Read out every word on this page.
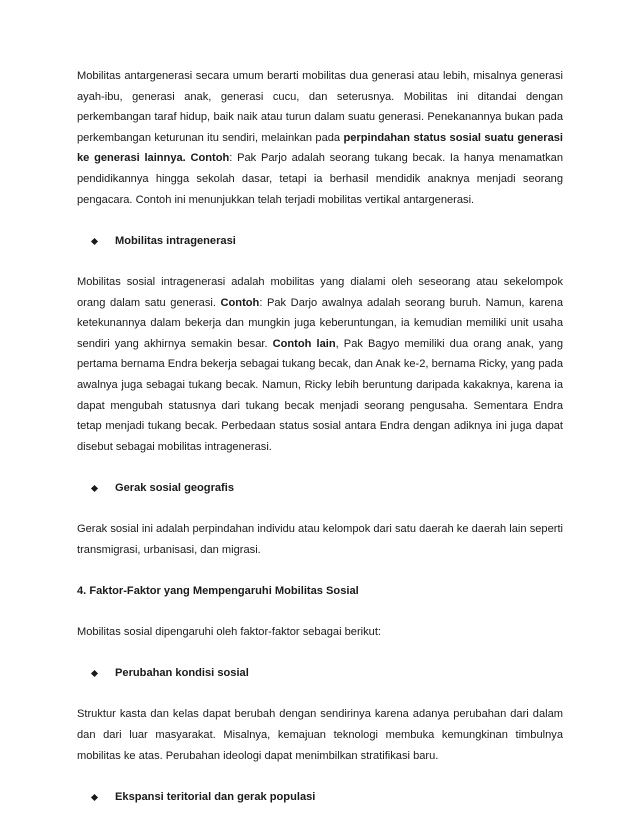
Mobilitas antargenerasi secara umum berarti mobilitas dua generasi atau lebih, misalnya generasi ayah-ibu, generasi anak, generasi cucu, dan seterusnya. Mobilitas ini ditandai dengan perkembangan taraf hidup, baik naik atau turun dalam suatu generasi. Penekanannya bukan pada perkembangan keturunan itu sendiri, melainkan pada perpindahan status sosial suatu generasi ke generasi lainnya. Contoh: Pak Parjo adalah seorang tukang becak. Ia hanya menamatkan pendidikannya hingga sekolah dasar, tetapi ia berhasil mendidik anaknya menjadi seorang pengacara. Contoh ini menunjukkan telah terjadi mobilitas vertikal antargenerasi.

Mobilitas intragenerasi

Mobilitas sosial intragenerasi adalah mobilitas yang dialami oleh seseorang atau sekelompok orang dalam satu generasi. Contoh: Pak Darjo awalnya adalah seorang buruh. Namun, karena ketekunannya dalam bekerja dan mungkin juga keberuntungan, ia kemudian memiliki unit usaha sendiri yang akhirnya semakin besar. Contoh lain, Pak Bagyo memiliki dua orang anak, yang pertama bernama Endra bekerja sebagai tukang becak, dan Anak ke-2, bernama Ricky, yang pada awalnya juga sebagai tukang becak. Namun, Ricky lebih beruntung daripada kakaknya, karena ia dapat mengubah statusnya dari tukang becak menjadi seorang pengusaha. Sementara Endra tetap menjadi tukang becak. Perbedaan status sosial antara Endra dengan adiknya ini juga dapat disebut sebagai mobilitas intragenerasi.

Gerak sosial geografis

Gerak sosial ini adalah perpindahan individu atau kelompok dari satu daerah ke daerah lain seperti transmigrasi, urbanisasi, dan migrasi.

4. Faktor-Faktor yang Mempengaruhi Mobilitas Sosial

Mobilitas sosial dipengaruhi oleh faktor-faktor sebagai berikut:

Perubahan kondisi sosial

Struktur kasta dan kelas dapat berubah dengan sendirinya karena adanya perubahan dari dalam dan dari luar masyarakat. Misalnya, kemajuan teknologi membuka kemungkinan timbulnya mobilitas ke atas. Perubahan ideologi dapat menimbilkan stratifikasi baru.

Ekspansi teritorial dan gerak populasi
